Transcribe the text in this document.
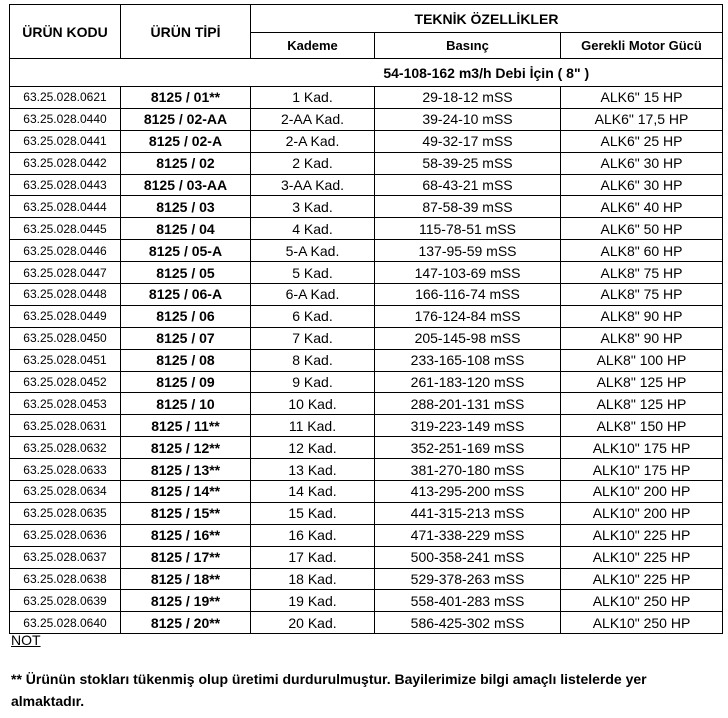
ÜRÜN KODU	ÜRÜN TİPİ	TEKNİK ÖZELLİKLER		
		Kademe	Basınç	Gerekli Motor Gücü
		54-108-162 m3/h Debi İçin ( 8" )		
63.25.028.0621	8125 / 01**	1 Kad.	29-18-12 mSS	ALK6" 15 HP
63.25.028.0440	8125 / 02-AA	2-AA Kad.	39-24-10 mSS	ALK6" 17,5 HP
63.25.028.0441	8125 / 02-A	2-A Kad.	49-32-17 mSS	ALK6" 25 HP
63.25.028.0442	8125 / 02	2 Kad.	58-39-25 mSS	ALK6" 30 HP
63.25.028.0443	8125 / 03-AA	3-AA Kad.	68-43-21 mSS	ALK6" 30 HP
63.25.028.0444	8125 / 03	3 Kad.	87-58-39 mSS	ALK6" 40 HP
63.25.028.0445	8125 / 04	4 Kad.	115-78-51 mSS	ALK6" 50 HP
63.25.028.0446	8125 / 05-A	5-A Kad.	137-95-59 mSS	ALK8" 60 HP
63.25.028.0447	8125 / 05	5 Kad.	147-103-69 mSS	ALK8" 75 HP
63.25.028.0448	8125 / 06-A	6-A Kad.	166-116-74 mSS	ALK8" 75 HP
63.25.028.0449	8125 / 06	6 Kad.	176-124-84 mSS	ALK8" 90 HP
63.25.028.0450	8125 / 07	7 Kad.	205-145-98 mSS	ALK8" 90 HP
63.25.028.0451	8125 / 08	8 Kad.	233-165-108 mSS	ALK8" 100 HP
63.25.028.0452	8125 / 09	9 Kad.	261-183-120 mSS	ALK8" 125 HP
63.25.028.0453	8125 / 10	10 Kad.	288-201-131 mSS	ALK8" 125 HP
63.25.028.0631	8125 / 11**	11 Kad.	319-223-149 mSS	ALK8" 150 HP
63.25.028.0632	8125 / 12**	12 Kad.	352-251-169 mSS	ALK10" 175 HP
63.25.028.0633	8125 / 13**	13 Kad.	381-270-180 mSS	ALK10" 175 HP
63.25.028.0634	8125 / 14**	14 Kad.	413-295-200 mSS	ALK10" 200 HP
63.25.028.0635	8125 / 15**	15 Kad.	441-315-213 mSS	ALK10" 200 HP
63.25.028.0636	8125 / 16**	16 Kad.	471-338-229 mSS	ALK10" 225 HP
63.25.028.0637	8125 / 17**	17 Kad.	500-358-241 mSS	ALK10" 225 HP
63.25.028.0638	8125 / 18**	18 Kad.	529-378-263 mSS	ALK10" 225 HP
63.25.028.0639	8125 / 19**	19 Kad.	558-401-283 mSS	ALK10" 250 HP
63.25.028.0640	8125 / 20**	20 Kad.	586-425-302 mSS	ALK10" 250 HP
NOT
** Ürünün stokları tükenmiş olup üretimi durdurulmuştur. Bayilerimize bilgi amaçlı listelerde yer almaktadır.
